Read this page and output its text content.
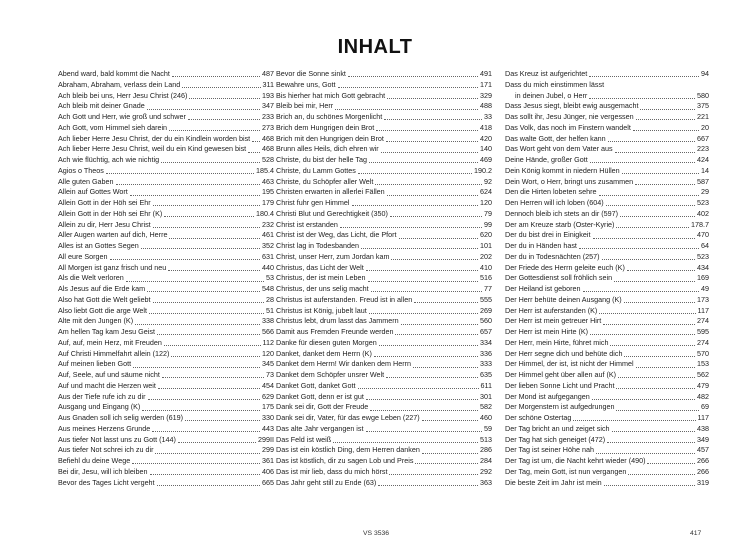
INHALT
Abend ward, bald kommt die Nacht	487
Abraham, Abraham, verlass dein Land	311
Ach bleib bei uns, Herr Jesu Christ (246)	193
Ach bleib mit deiner Gnade	347
Ach Gott und Herr, wie groß und schwer	233
Ach Gott, vom Himmel sieh darein	273
Ach lieber Herre Jesu Christ, der du ein Kindlein worden bist 468
Ach lieber Herre Jesu Christ, weil du ein Kind gewesen bist 468
Ach wie flüchtig, ach wie nichtig	528
Agios o Theos	185.4
Alle guten Gaben	463
Allein auf Gottes Wort	195
Allein Gott in der Höh sei Ehr	179
Allein Gott in der Höh sei Ehr (K)	180.4
Allein zu dir, Herr Jesu Christ	232
Aller Augen warten auf dich, Herre	461
Alles ist an Gottes Segen	352
All eure Sorgen	631
All Morgen ist ganz frisch und neu	440
Als die Welt verloren	53
Als Jesus auf die Erde kam	548
Also hat Gott die Welt geliebt	28
Also liebt Gott die arge Welt	51
Alte mit den Jungen (K)	338
Am hellen Tag kam Jesu Geist	566
Auf, auf, mein Herz, mit Freuden	112
Auf Christi Himmelfahrt allein (122)	120
Auf meinen lieben Gott	345
Auf, Seele, auf und säume nicht	73
Auf und macht die Herzen weit	454
Aus der Tiefe rufe ich zu dir	629
Ausgang und Eingang (K)	175
Aus Gnaden soll ich selig werden (619)	330
Aus meines Herzens Grunde	443
Aus tiefer Not lasst uns zu Gott (144)	299II
Aus tiefer Not schrei ich zu dir	299
Befiehl du deine Wege	361
Bei dir, Jesu, will ich bleiben	406
Bevor des Tages Licht vergeht	665
Bevor die Sonne sinkt	491
Bewahre uns, Gott	171
Bis hierher hat mich Gott gebracht	329
Bleib bei mir, Herr	488
Brich an, du schönes Morgenlicht	33
Brich dem Hungrigen dein Brot	418
Brich mit den Hungrigen dein Brot	420
Brunn alles Heils, dich ehren wir	140
Christe, du bist der helle Tag	469
Christe, du Lamm Gottes	190.2
Christe, du Schöpfer aller Welt	92
Christen erwarten in allerlei Fällen	624
Christ fuhr gen Himmel	120
Christi Blut und Gerechtigkeit (350)	79
Christ ist erstanden	99
Christ ist der Weg, das Licht, die Pfort	620
Christ lag in Todesbanden	101
Christ, unser Herr, zum Jordan kam	202
Christus, das Licht der Welt	410
Christus, der ist mein Leben	516
Christus, der uns selig macht	77
Christus ist auferstanden. Freud ist in allen	555
Christus ist König, jubelt laut	269
Christus lebt, drum lasst das Jammern	560
Damit aus Fremden Freunde werden	657
Danke für diesen guten Morgen	334
Danket, danket dem Herrn (K)	336
Danket dem Herrn! Wir danken dem Herrn	333
Danket dem Schöpfer unsrer Welt	635
Danket Gott, danket Gott	611
Danket Gott, denn er ist gut	301
Dank sei dir, Gott der Freude	582
Dank sei dir, Vater, für das ewge Leben (227)	460
Das alte Jahr vergangen ist	59
Das Feld ist weiß	513
Das ist ein köstlich Ding, dem Herren danken	286
Das ist köstlich, dir zu sagen Lob und Preis	284
Das ist mir lieb, dass du mich hörst	292
Das Jahr geht still zu Ende (63)	363
Das Kreuz ist aufgerichtet	94
Dass du mich einstimmen lässt
in deinen Jubel, o Herr	580
Dass Jesus siegt, bleibt ewig ausgemacht	375
Das sollt ihr, Jesu Jünger, nie vergessen	221
Das Volk, das noch im Finstern wandelt	20
Das walte Gott, der helfen kann	667
Das Wort geht von dem Vater aus	223
Deine Hände, großer Gott	424
Dein König kommt in niedern Hüllen	14
Dein Wort, o Herr, bringt uns zusammen	587
Den die Hirten lobeten sehre	29
Den Herren will ich loben (604)	523
Dennoch bleib ich stets an dir (597)	402
Der am Kreuze starb (Oster-Kyrie)	178.7
Der du bist drei in Einigkeit	470
Der du in Händen hast	64
Der du in Todesnächten (257)	523
Der Friede des Herrn geleite euch (K)	434
Der Gottesdienst soll fröhlich sein	169
Der Heiland ist geboren	49
Der Herr behüte deinen Ausgang (K)	173
Der Herr ist auferstanden (K)	117
Der Herr ist mein getreuer Hirt	274
Der Herr ist mein Hirte (K)	595
Der Herr, mein Hirte, führet mich	274
Der Herr segne dich und behüte dich	570
Der Himmel, der ist, ist nicht der Himmel	153
Der Himmel geht über allen auf (K)	562
Der lieben Sonne Licht und Pracht	479
Der Mond ist aufgegangen	482
Der Morgenstern ist aufgedrungen	69
Der schöne Ostertag	117
Der Tag bricht an und zeiget sich	438
Der Tag hat sich geneiget (472)	349
Der Tag ist seiner Höhe nah	457
Der Tag ist um, die Nacht kehrt wieder (490)	266
Der Tag, mein Gott, ist nun vergangen	266
Die beste Zeit im Jahr ist mein	319
VS 3536	417
